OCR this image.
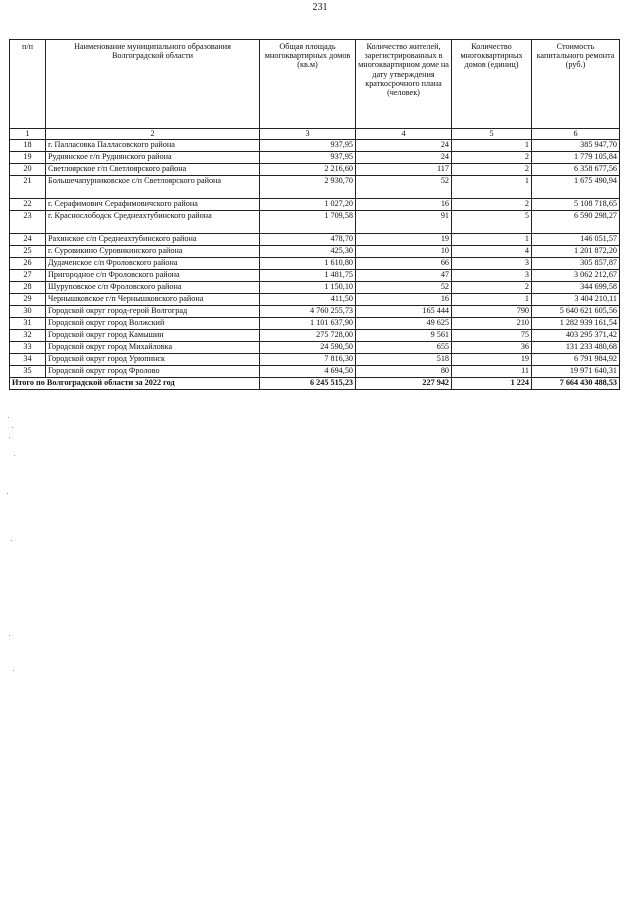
231
п/п	Наименование муниципального образования Волгоградской области	Общая площадь многоквартирных домов (кв.м)	Количество жителей, зарегистрированных в многоквартирном доме на дату утверждения краткосрочного плана (человек)	Количество многоквартирных домов (единиц)	Стоимость капитального ремонта (руб.)
1	2	3	4	5	6
18	г. Палласовка Палласовского района	937,95	24	1	385 947,70
19	Руднянское г/п Руднянского района	937,95	24	2	1 779 105,84
20	Светлоярское г/п Светлоярского района	2 216,60	117	2	6 358 677,56
21	Большечапурниковское с/п Светлоярского района	2 930,70	52	1	1 675 490,94
22	г. Серафимович Серафимовичского района	1 027,20	16	2	5 108 718,65
23	г. Краснослободск Среднеахтубинского района	1 709,58	91	5	6 590 298,27
24	Рахинское с/п Среднеахтубинского района	478,70	19	1	146 051,57
25	г. Суровикино Суровикинского района	425,30	10	4	1 201 872,20
26	Дудаченское с/п Фроловского района	1 610,80	66	3	305 857,87
27	Пригородное с/п Фроловского района	1 481,75	47	3	3 062 212,67
28	Шуруповское с/п Фроловского района	1 150,10	52	2	344 699,58
29	Чернышковское г/п Чернышковского района	411,50	16	1	3 404 210,11
30	Городской округ город-герой Волгоград	4 760 255,73	165 444	790	5 640 621 605,56
31	Городской округ город Волжский	1 101 637,90	49 625	210	1 282 939 161,54
32	Городской округ город Камышин	275 728,00	9 561	75	403 295 371,42
33	Городской округ город Михайловка	24 590,50	655	36	131 233 480,68
34	Городской округ город Урюпинск	7 816,30	518	19	6 791 984,92
35	Городской округ город Фролово	4 694,50	80	11	19 971 640,31
Итого по Волгоградской области за 2022 год		6 245 515,23	227 942	1 224	7 664 430 488,53
